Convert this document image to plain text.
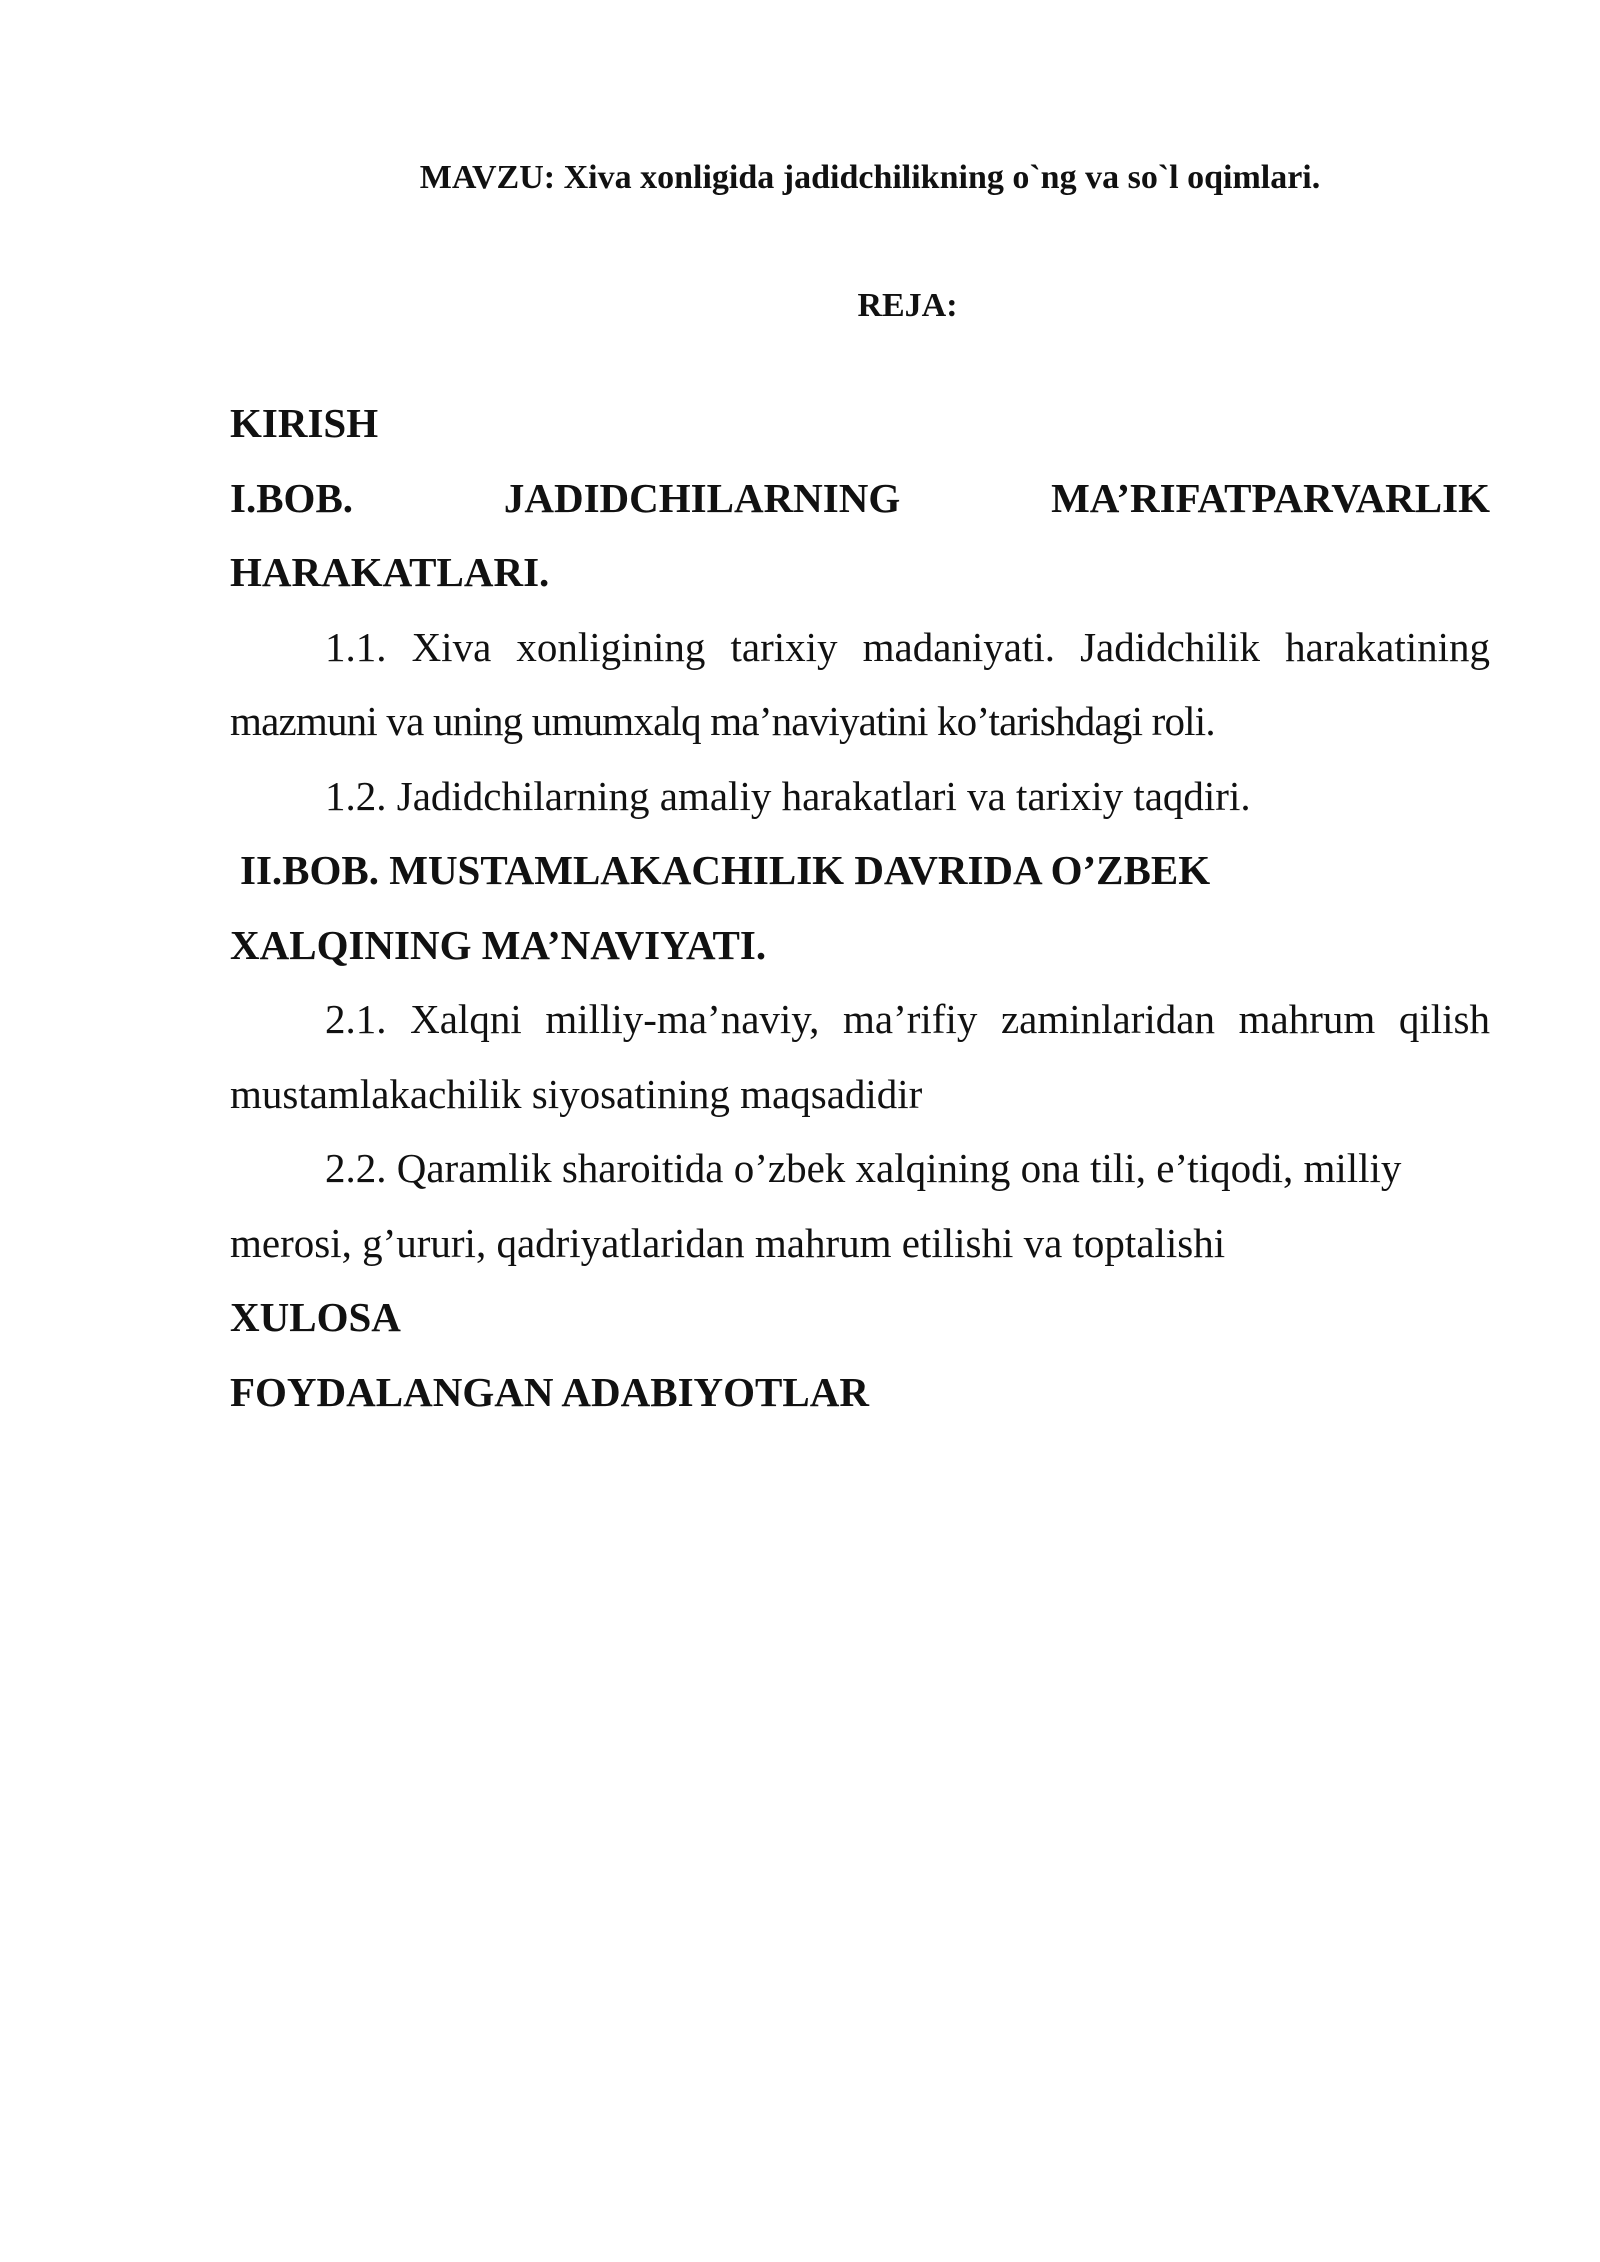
MAVZU: Xiva xonligida jadidchilikning o`ng va so`l oqimlari.

REJA:

KIRISH

I.BOB. JADIDCHILARNING MA’RIFATPARVARLIK

HARAKATLARI.

1.1. Xiva xonligining tarixiy madaniyati. Jadidchilik harakatining

mazmuni va uning umumxalq ma’naviyatini ko’tarishdagi roli.

1.2. Jadidchilarning amaliy harakatlari va tarixiy taqdiri.

II.BOB. MUSTAMLAKACHILIK DAVRIDA O’ZBEK

XALQINING MA’NAVIYATI.

2.1. Xalqni milliy-ma’naviy, ma’rifiy zaminlaridan mahrum qilish

mustamlakachilik siyosatining maqsadidir

2.2. Qaramlik sharoitida o’zbek xalqining ona tili, e’tiqodi, milliy

merosi, g’ururi, qadriyatlaridan mahrum etilishi va toptalishi

XULOSA

FOYDALANGAN ADABIYOTLAR
